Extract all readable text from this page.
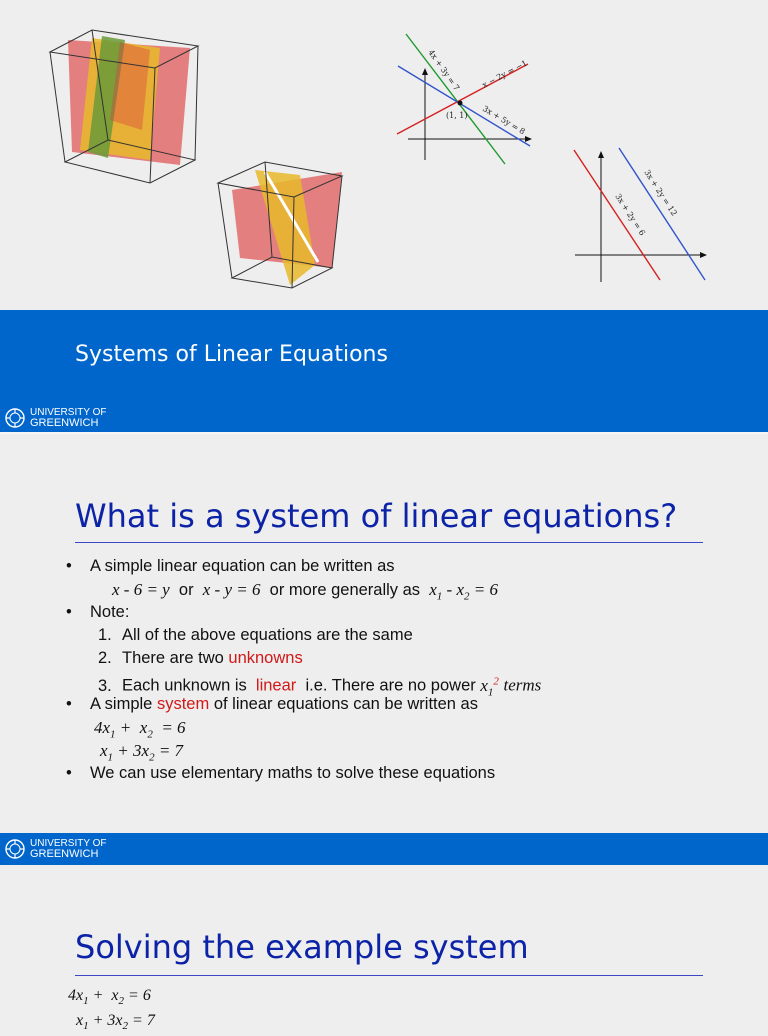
4x + 3y = 7 x − 2y = −1
3x + 5y = 8
(1, 1)
3x + 2y = 12
3x + 2y = 6
Systems of Linear Equations
UNIVERSITY OF
GREENWICH
What is a system of linear equations?
• A simple linear equation can be written as
x - 6 = y or x - y = 6 or more generally as $x_1 - x_2 = 6$
• Note:
1. All of the above equations are the same
2. There are two unknowns
3. Each unknown is linear i.e. There are no power $x_1^2$ terms
• A simple system of linear equations can be written as
$4x_1 + x_2 = 6$
$x_1 + 3x_2 = 7$
• We can use elementary maths to solve these equations
UNIVERSITY OF
GREENWICH
Solving the example system
$4x_1 + x_2 = 6$
$x_1 + 3x_2 = 7$
